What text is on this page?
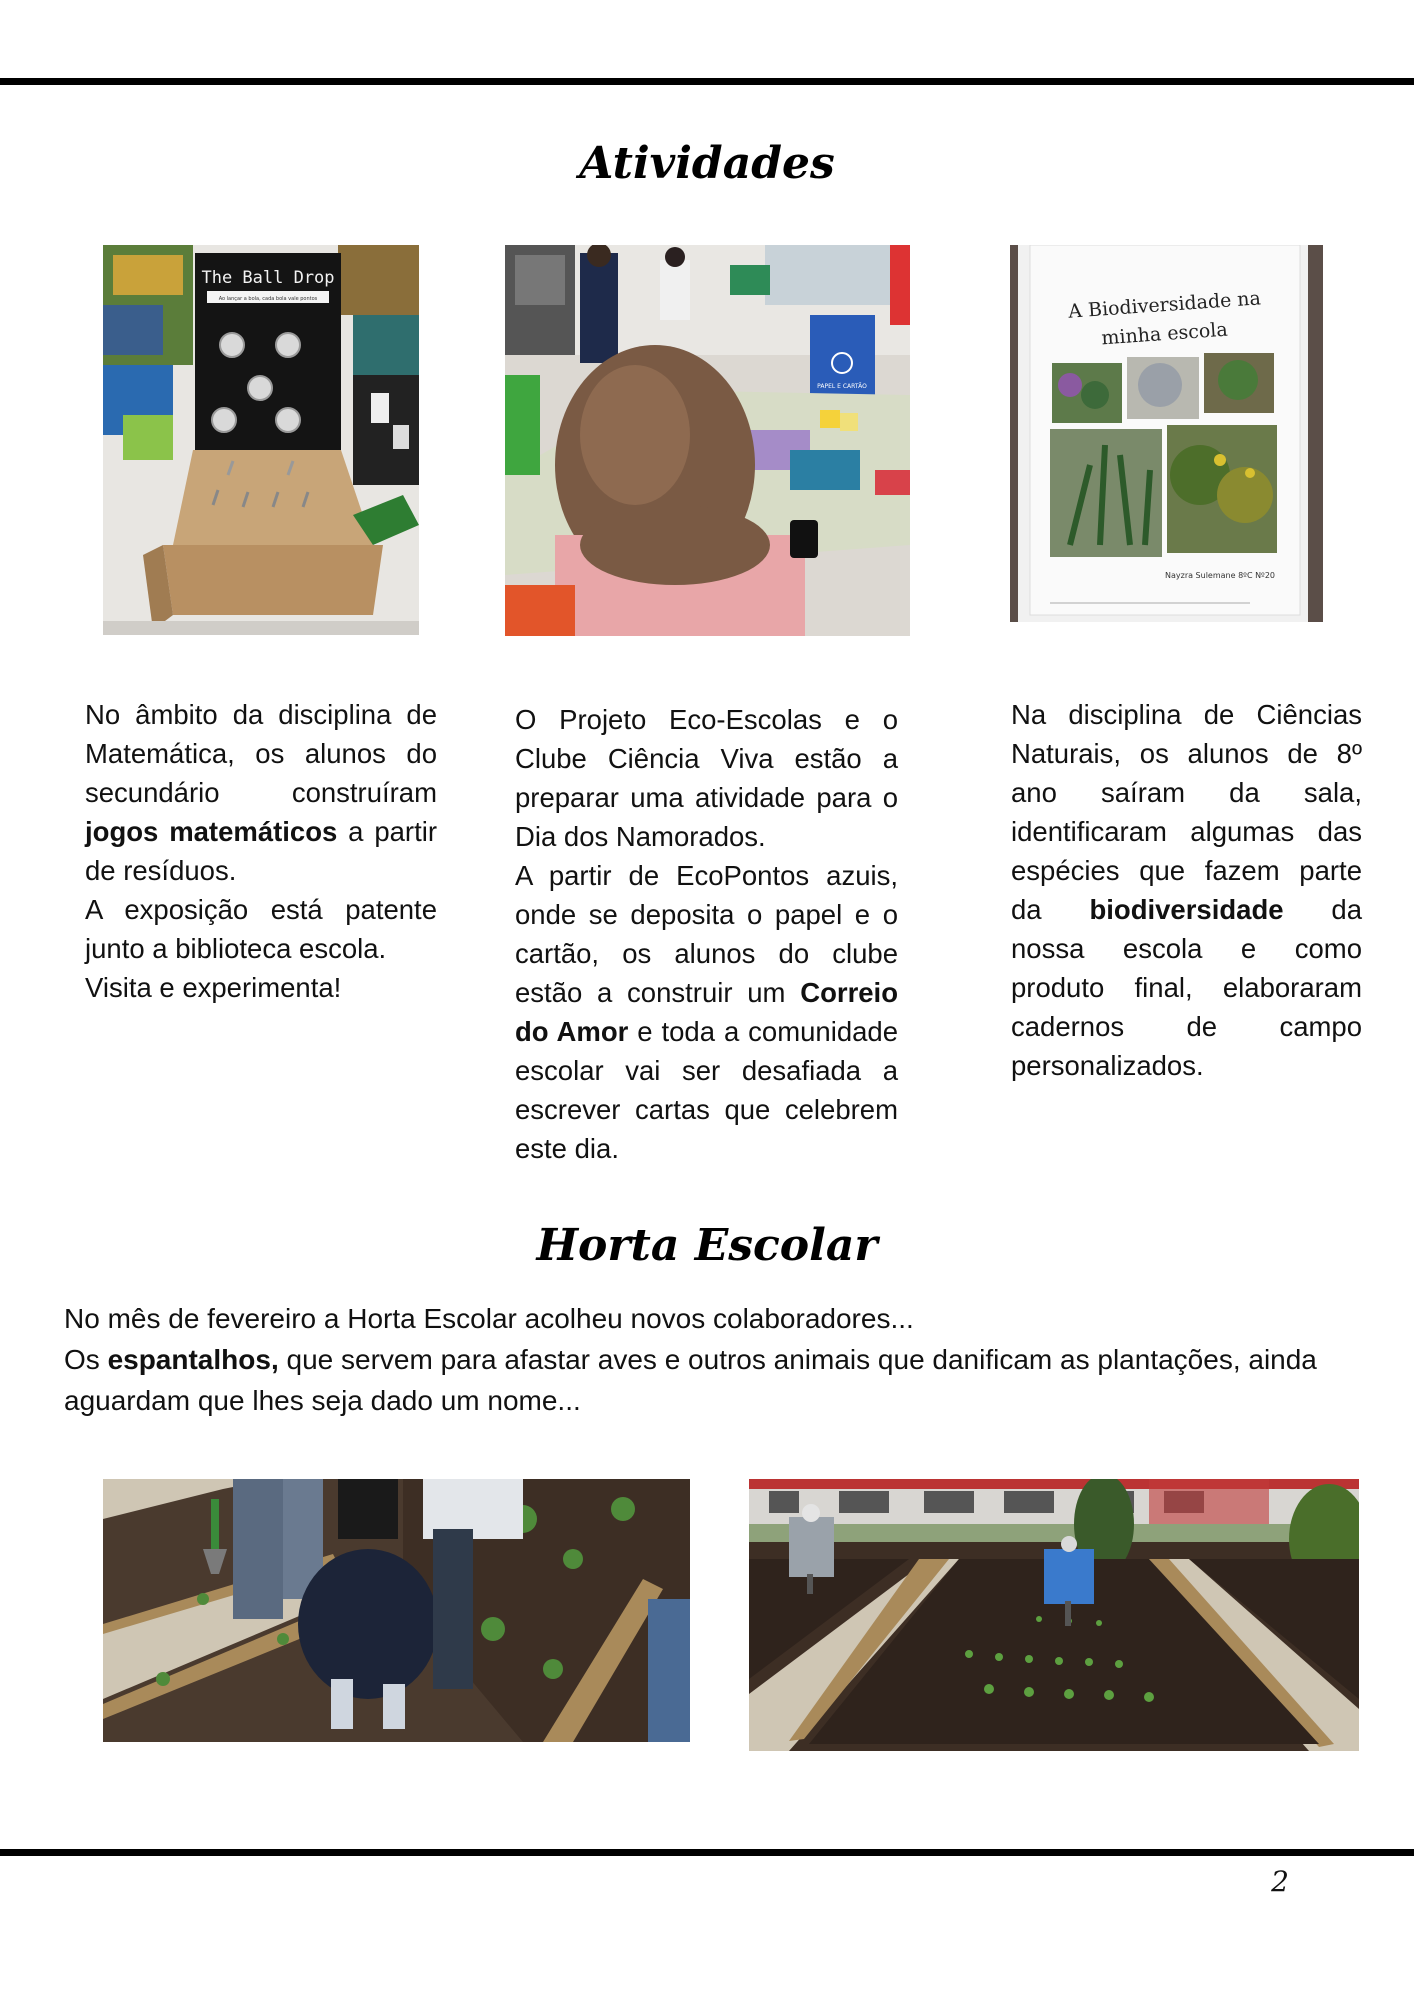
Atividades
The Ball Drop
Ao lançar a bola, cada bola vale pontos
PAPEL E CARTÃO
A Biodiversidade na
minha escola
Nayzra Sulemane 8ºC Nº20

No âmbito da disciplina de Matemática, os alunos do secundário construíram jogos matemáticos a partir de resíduos.

A exposição está patente junto a biblioteca escola.

Visita e experimenta!

O Projeto Eco-Escolas e o Clube Ciência Viva estão a preparar uma atividade para o Dia dos Namorados.

A partir de EcoPontos azuis, onde se deposita o papel e o cartão, os alunos do clube estão a construir um Correio do Amor e toda a comunidade escolar vai ser desafiada a escrever cartas que celebrem este dia.

Na disciplina de Ciências Naturais, os alunos de 8º ano saíram da sala, identificaram algumas das espécies que fazem parte da biodiversidade da nossa escola e como produto final, elaboraram cadernos de campo personalizados.

Horta Escolar

No mês de fevereiro a Horta Escolar acolheu novos colaboradores...

Os espantalhos, que servem para afastar aves e outros animais que danificam as plantações, ainda aguardam que lhes seja dado um nome...

2
